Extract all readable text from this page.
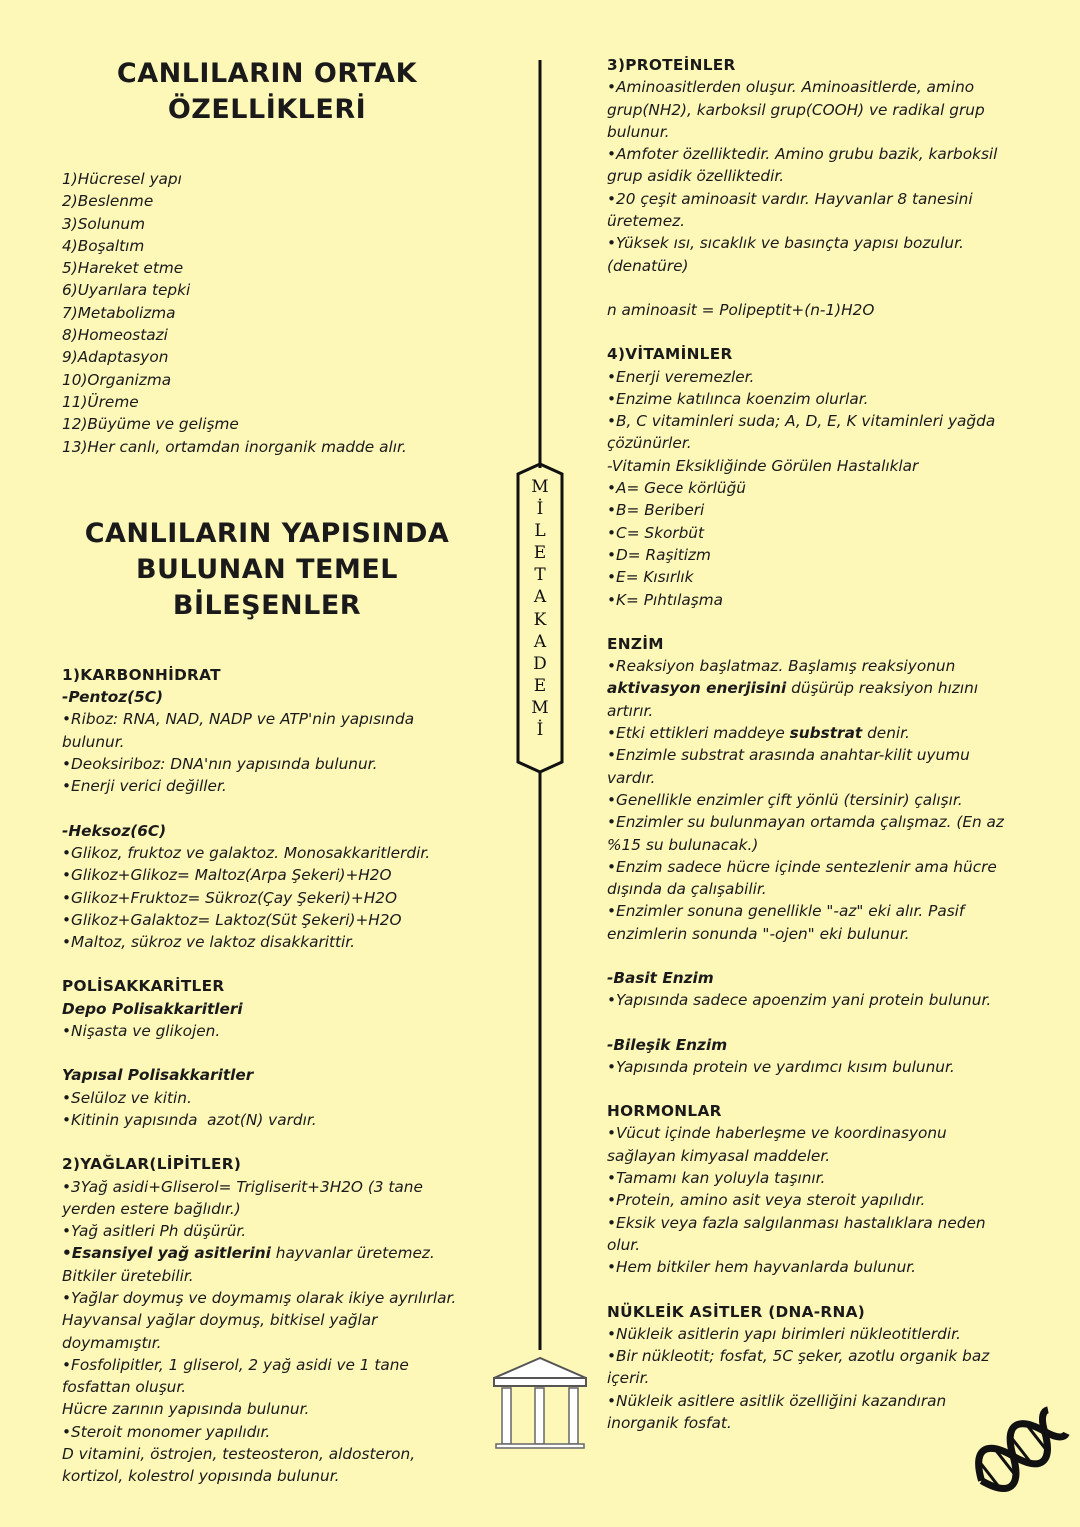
M
İ
L
E
T
A
K
A
D
E
M
İ
CANLILARIN ORTAK
ÖZELLİKLERİ
1)Hücresel yapı
2)Beslenme
3)Solunum
4)Boşaltım
5)Hareket etme
6)Uyarılara tepki
7)Metabolizma
8)Homeostazi
9)Adaptasyon
10)Organizma
11)Üreme
12)Büyüme ve gelişme
13)Her canlı, ortamdan inorganik madde alır.
CANLILARIN YAPISINDA
BULUNAN TEMEL
BİLEŞENLER
1)KARBONHİDRAT
-Pentoz(5C)
•Riboz: RNA, NAD, NADP ve ATP'nin yapısında
bulunur.
•Deoksiriboz: DNA'nın yapısında bulunur.
•Enerji verici değiller.
-Heksoz(6C)
•Glikoz, fruktoz ve galaktoz. Monosakkaritlerdir.
•Glikoz+Glikoz= Maltoz(Arpa Şekeri)+H2O
•Glikoz+Fruktoz= Sükroz(Çay Şekeri)+H2O
•Glikoz+Galaktoz= Laktoz(Süt Şekeri)+H2O
•Maltoz, sükroz ve laktoz disakkarittir.
POLİSAKKARİTLER
Depo Polisakkaritleri
•Nişasta ve glikojen.
Yapısal Polisakkaritler
•Selüloz ve kitin.
•Kitinin yapısında  azot(N) vardır.
2)YAĞLAR(LİPİTLER)
•3Yağ asidi+Gliserol= Trigliserit+3H2O (3 tane
yerden estere bağlıdır.)
•Yağ asitleri Ph düşürür.
•Esansiyel yağ asitlerini hayvanlar üretemez.
Bitkiler üretebilir.
•Yağlar doymuş ve doymamış olarak ikiye ayrılırlar.
Hayvansal yağlar doymuş, bitkisel yağlar
doymamıştır.
•Fosfolipitler, 1 gliserol, 2 yağ asidi ve 1 tane
fosfattan oluşur.
Hücre zarının yapısında bulunur.
•Steroit monomer yapılıdır.
D vitamini, östrojen, testeosteron, aldosteron,
kortizol, kolestrol yopısında bulunur.
3)PROTEİNLER
•Aminoasitlerden oluşur. Aminoasitlerde, amino
grup(NH2), karboksil grup(COOH) ve radikal grup
bulunur.
•Amfoter özelliktedir. Amino grubu bazik, karboksil
grup asidik özelliktedir.
•20 çeşit aminoasit vardır. Hayvanlar 8 tanesini
üretemez.
•Yüksek ısı, sıcaklık ve basınçta yapısı bozulur.
(denatüre)
n aminoasit = Polipeptit+(n-1)H2O
4)VİTAMİNLER
•Enerji veremezler.
•Enzime katılınca koenzim olurlar.
•B, C vitaminleri suda; A, D, E, K vitaminleri yağda
çözünürler.
-Vitamin Eksikliğinde Görülen Hastalıklar
•A= Gece körlüğü
•B= Beriberi
•C= Skorbüt
•D= Raşitizm
•E= Kısırlık
•K= Pıhtılaşma
ENZİM
•Reaksiyon başlatmaz. Başlamış reaksiyonun
aktivasyon enerjisini düşürüp reaksiyon hızını
artırır.
•Etki ettikleri maddeye substrat denir.
•Enzimle substrat arasında anahtar-kilit uyumu
vardır.
•Genellikle enzimler çift yönlü (tersinir) çalışır.
•Enzimler su bulunmayan ortamda çalışmaz. (En az
%15 su bulunacak.)
•Enzim sadece hücre içinde sentezlenir ama hücre
dışında da çalışabilir.
•Enzimler sonuna genellikle "-az" eki alır. Pasif
enzimlerin sonunda "-ojen" eki bulunur.
-Basit Enzim
•Yapısında sadece apoenzim yani protein bulunur.
-Bileşik Enzim
•Yapısında protein ve yardımcı kısım bulunur.
HORMONLAR
•Vücut içinde haberleşme ve koordinasyonu
sağlayan kimyasal maddeler.
•Tamamı kan yoluyla taşınır.
•Protein, amino asit veya steroit yapılıdır.
•Eksik veya fazla salgılanması hastalıklara neden
olur.
•Hem bitkiler hem hayvanlarda bulunur.
NÜKLEİK ASİTLER (DNA-RNA)
•Nükleik asitlerin yapı birimleri nükleotitlerdir.
•Bir nükleotit; fosfat, 5C şeker, azotlu organik baz
içerir.
•Nükleik asitlere asitlik özelliğini kazandıran
inorganik fosfat.
